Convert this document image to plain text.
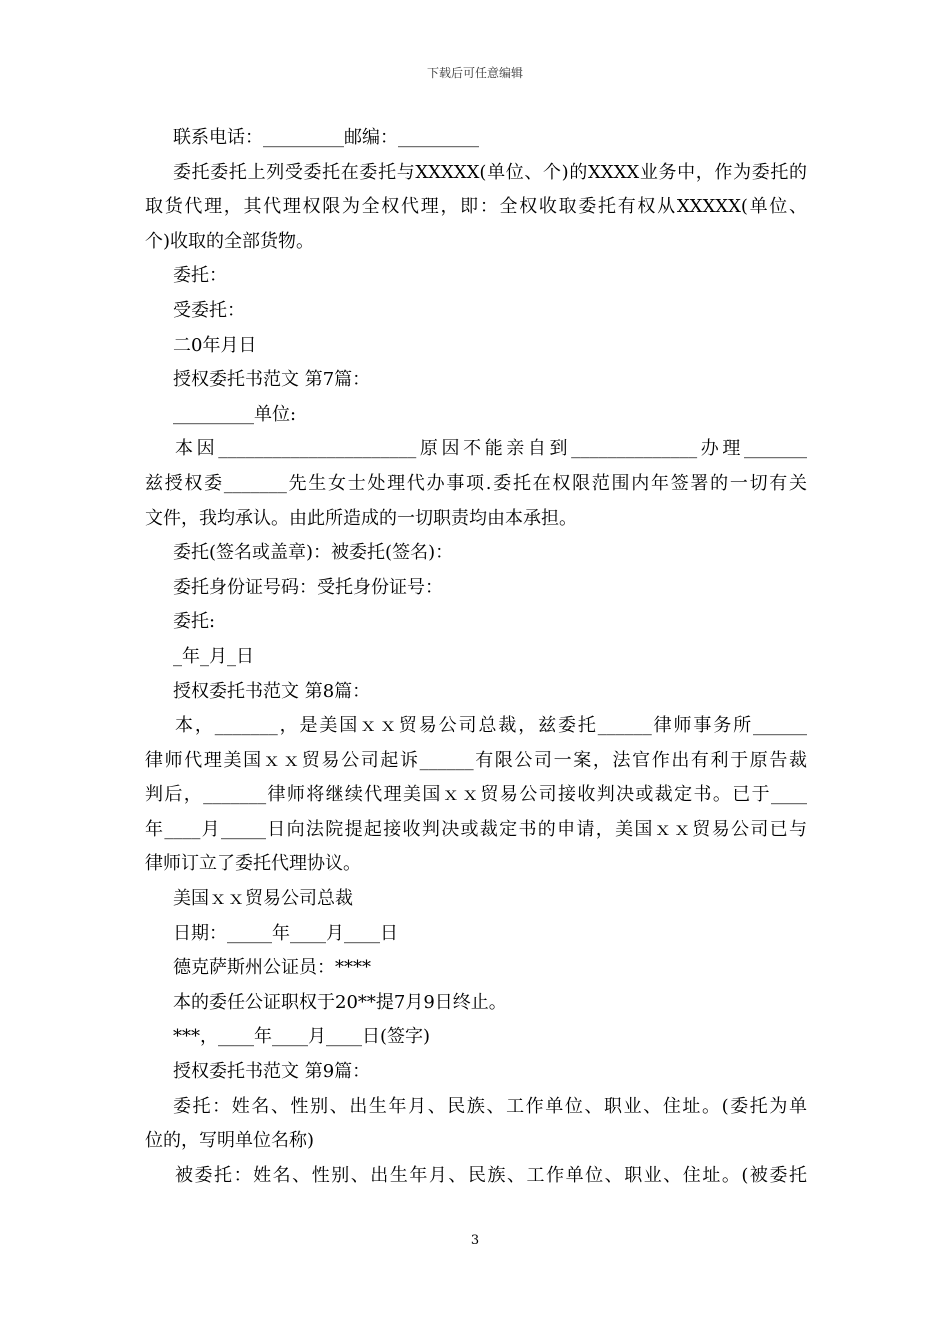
下载后可任意编辑
联系电话：_________邮编：_________
委托委托上列受委托在委托与XXXXX(单位、个)的XXXX业务中，作为委托的
取货代理，其代理权限为全权代理，即：全权收取委托有权从XXXXX(单位、
个)收取的全部货物。
委托：
受委托：
二0年月日
授权委托书范文 第7篇：
_________单位:
本因______________________原因不能亲自到______________办理_______
兹授权委_______先生女士处理代办事项.委托在权限范围内年签署的一切有关
文件，我均承认。由此所造成的一切职责均由本承担。
委托(签名或盖章)：被委托(签名)：
委托身份证号码：受托身份证号：
委托:
_年_月_日
授权委托书范文 第8篇：
本，_______，是美国ｘｘ贸易公司总裁，兹委托______律师事务所______
律师代理美国ｘｘ贸易公司起诉______有限公司一案，法官作出有利于原告裁
判后，_______律师将继续代理美国ｘｘ贸易公司接收判决或裁定书。已于____
年____月_____日向法院提起接收判决或裁定书的申请，美国ｘｘ贸易公司已与
律师订立了委托代理协议。
美国ｘｘ贸易公司总裁
日期：_____年____月____日
德克萨斯州公证员：****
本的委任公证职权于20**提7月9日终止。
***，____年____月____日(签字)
授权委托书范文 第9篇：
委托：姓名、性别、出生年月、民族、工作单位、职业、住址。(委托为单
位的，写明单位名称)
被委托：姓名、性别、出生年月、民族、工作单位、职业、住址。(被委托
3
